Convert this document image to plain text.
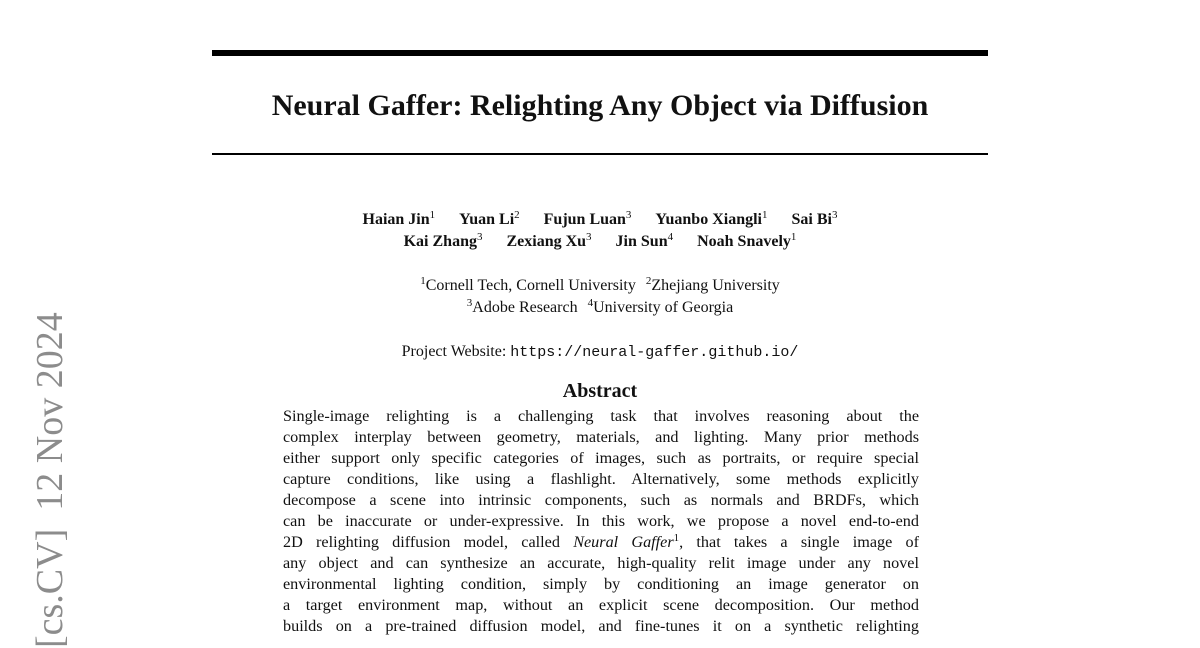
Neural Gaffer: Relighting Any Object via Diffusion
[cs.CV]12 Nov 2024
Haian Jin$^1$ Yuan Li$^2$ Fujun Luan$^3$ Yuanbo Xiangli$^1$ Sai Bi$^3$
Kai Zhang$^3$ Zexiang Xu$^3$ Jin Sun$^4$ Noah Snavely$^1$
$^1$Cornell Tech, Cornell University $^2$Zhejiang University
$^3$Adobe Research $^4$University of Georgia
Project Website: https://neural-gaffer.github.io/
Abstract
Single-image relighting is a challenging task that involves reasoning about the
complex interplay between geometry, materials, and lighting. Many prior methods
either support only specific categories of images, such as portraits, or require special
capture conditions, like using a flashlight. Alternatively, some methods explicitly
decompose a scene into intrinsic components, such as normals and BRDFs, which
can be inaccurate or under-expressive. In this work, we propose a novel end-to-end
2D relighting diffusion model, called Neural Gaffer$^1$, that takes a single image of
any object and can synthesize an accurate, high-quality relit image under any novel
environmental lighting condition, simply by conditioning an image generator on
a target environment map, without an explicit scene decomposition. Our method
builds on a pre-trained diffusion model, and fine-tunes it on a synthetic relighting
